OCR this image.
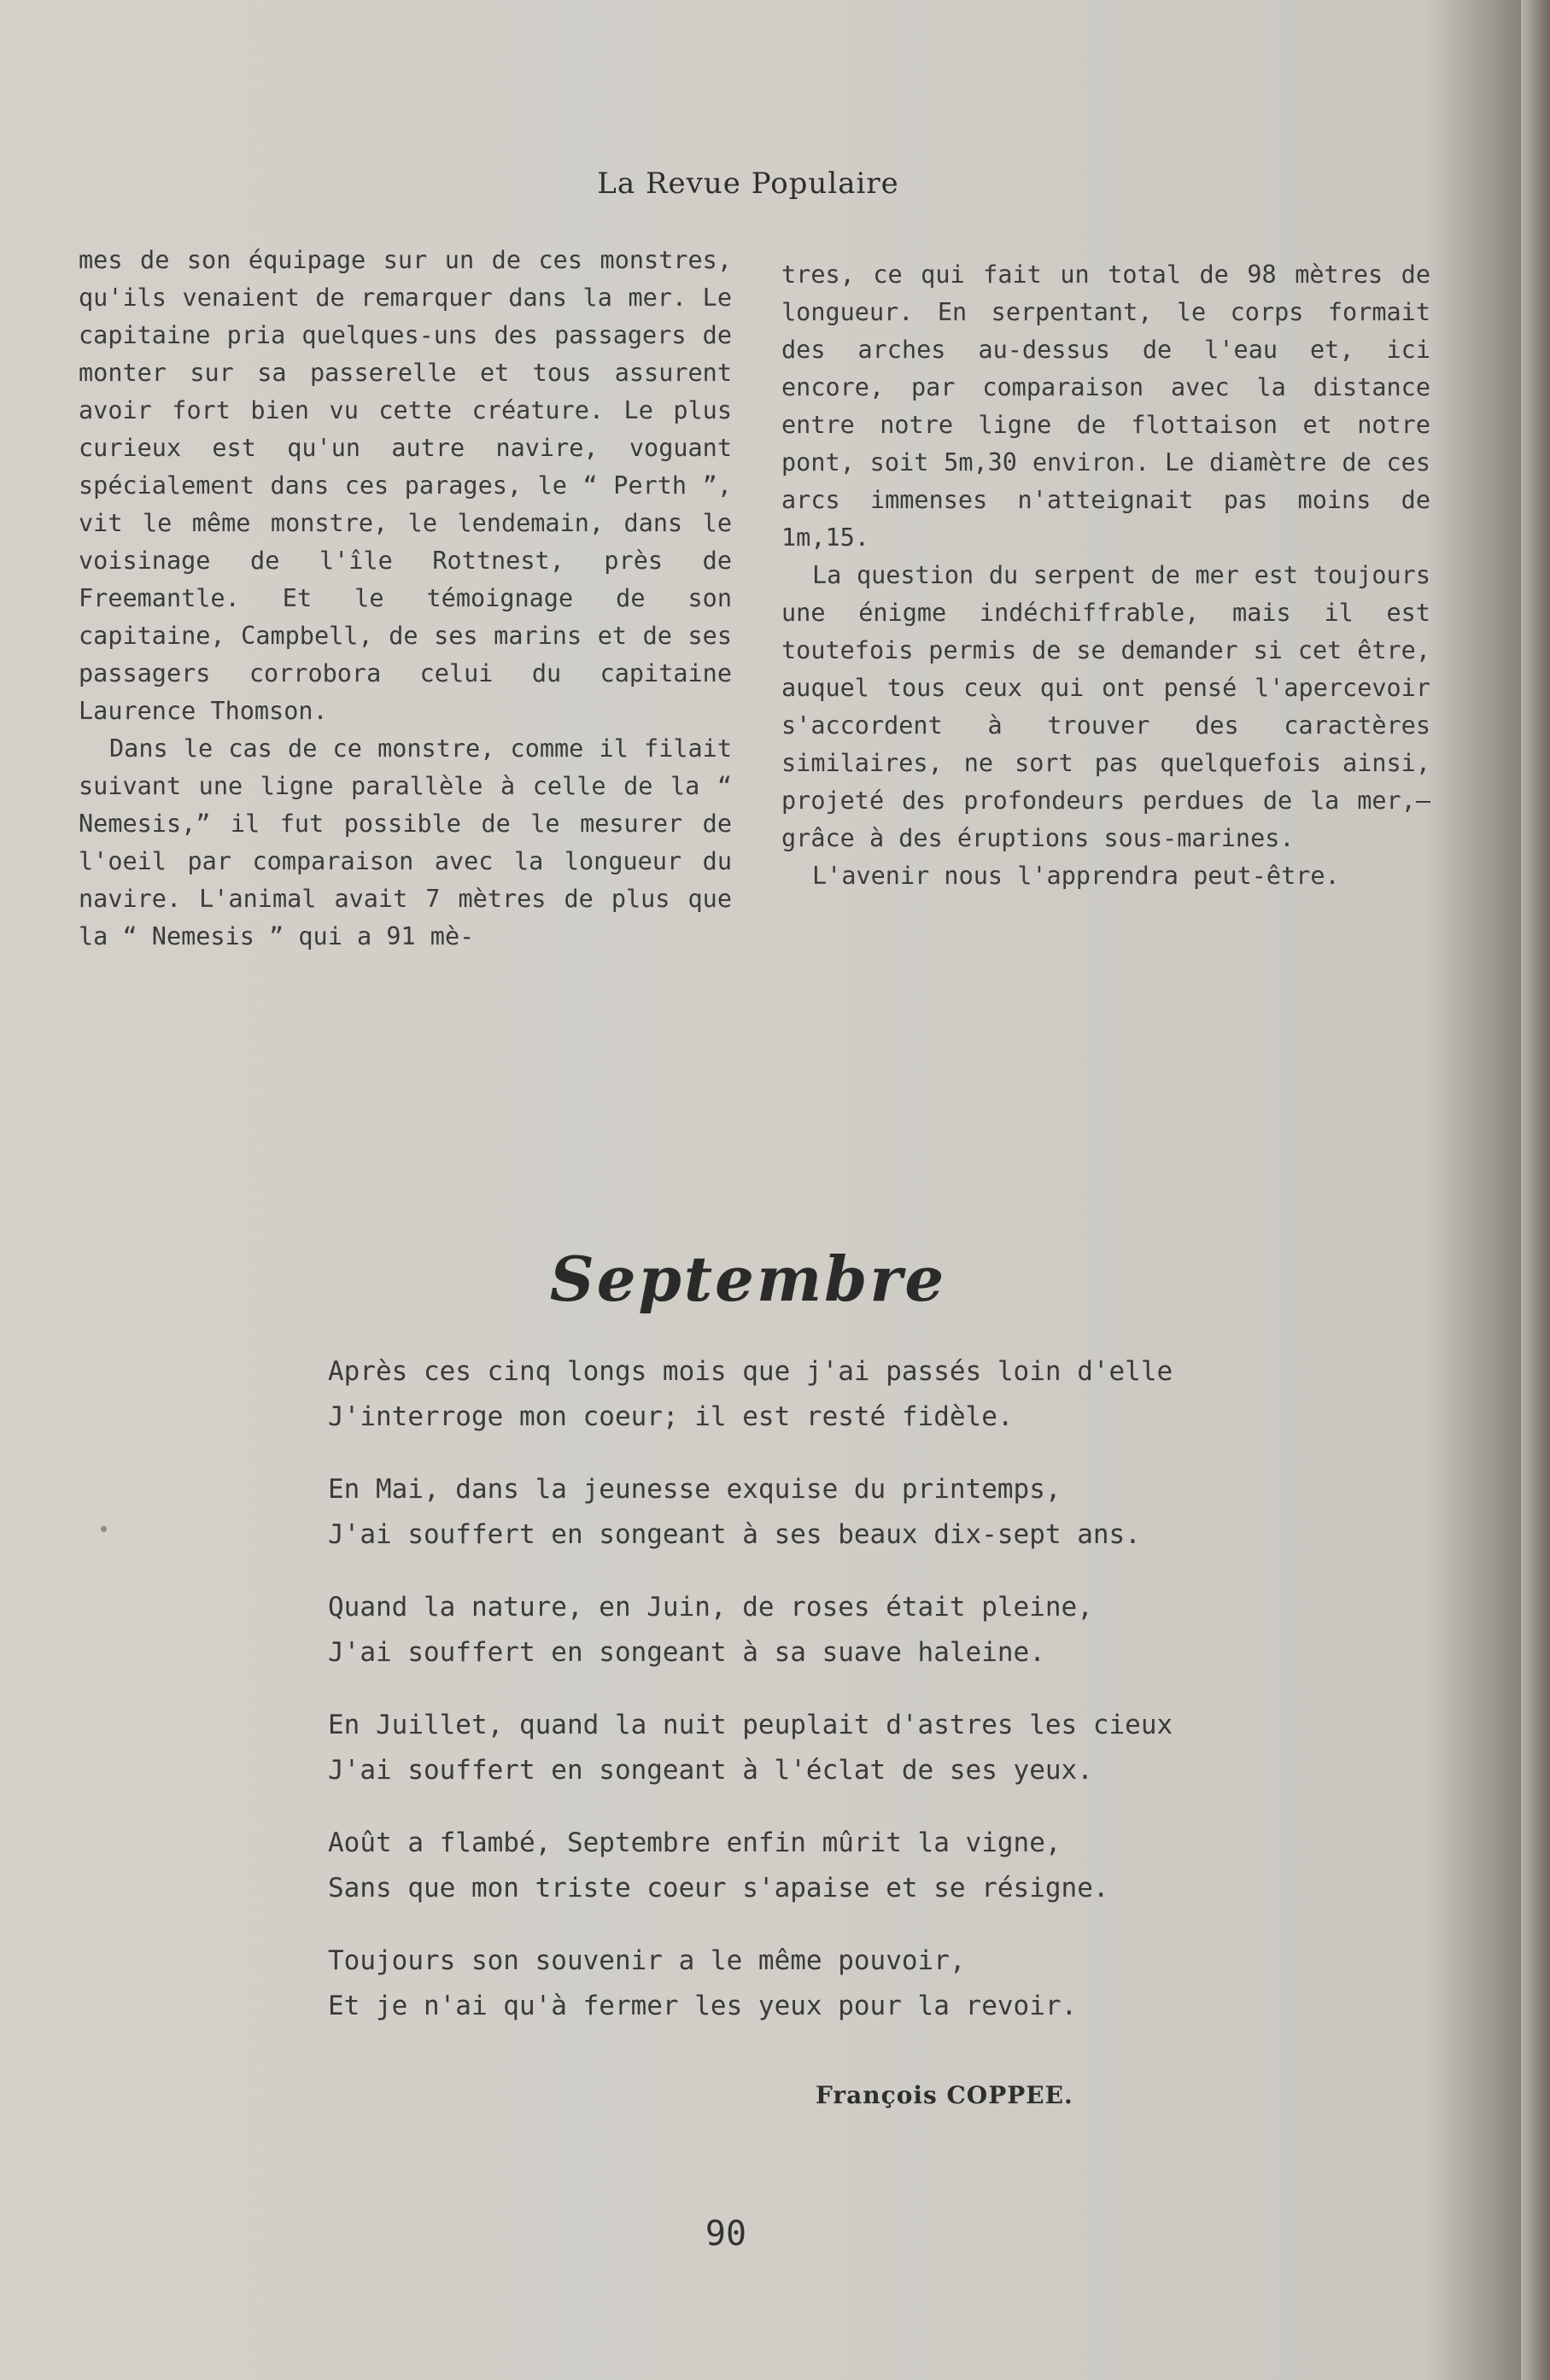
La Revue Populaire

mes de son équipage sur un de ces monstres, qu'ils venaient de remarquer dans la mer. Le capitaine pria quelques-uns des passagers de monter sur sa passerelle et tous assurent avoir fort bien vu cette créature. Le plus curieux est qu'un autre navire, voguant spécialement dans ces parages, le “ Perth ”, vit le même monstre, le lendemain, dans le voisinage de l'île Rottnest, près de Freemantle. Et le témoignage de son capitaine, Campbell, de ses marins et de ses passagers corrobora celui du capitaine Laurence Thomson.

Dans le cas de ce monstre, comme il filait suivant une ligne parallèle à celle de la “ Nemesis,” il fut possible de le mesurer de l'oeil par comparaison avec la longueur du navire. L'animal avait 7 mètres de plus que la “ Nemesis ” qui a 91 mè-

tres, ce qui fait un total de 98 mètres de longueur. En serpentant, le corps formait des arches au-dessus de l'eau et, ici encore, par comparaison avec la distance entre notre ligne de flottaison et notre pont, soit 5m,30 environ. Le diamètre de ces arcs immenses n'atteignait pas moins de 1m,15.

La question du serpent de mer est toujours une énigme indéchiffrable, mais il est toutefois permis de se demander si cet être, auquel tous ceux qui ont pensé l'apercevoir s'accordent à trouver des caractères similaires, ne sort pas quelquefois ainsi, projeté des profondeurs perdues de la mer,—grâce à des éruptions sous-marines.

L'avenir nous l'apprendra peut-être.

Septembre
Après ces cinq longs mois que j'ai passés loin d'elle
J'interroge mon coeur; il est resté fidèle.
En Mai, dans la jeunesse exquise du printemps,
J'ai souffert en songeant à ses beaux dix-sept ans.
Quand la nature, en Juin, de roses était pleine,
J'ai souffert en songeant à sa suave haleine.
En Juillet, quand la nuit peuplait d'astres les cieux
J'ai souffert en songeant à l'éclat de ses yeux.
Août a flambé, Septembre enfin mûrit la vigne,
Sans que mon triste coeur s'apaise et se résigne.
Toujours son souvenir a le même pouvoir,
Et je n'ai qu'à fermer les yeux pour la revoir.
François COPPEE.
90
